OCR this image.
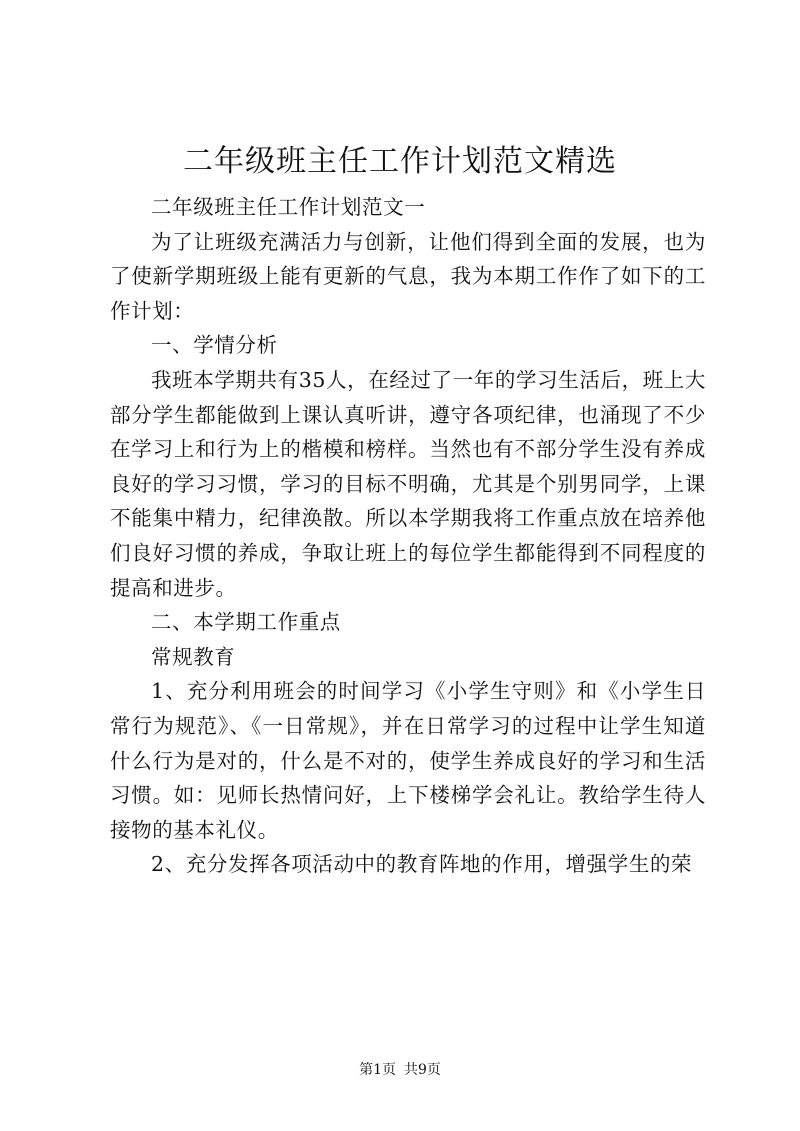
二年级班主任工作计划范文精选

二年级班主任工作计划范文一

为了让班级充满活力与创新，让他们得到全面的发展，也为了使新学期班级上能有更新的气息，我为本期工作作了如下的工作计划：

一、学情分析

我班本学期共有35人，在经过了一年的学习生活后，班上大部分学生都能做到上课认真听讲，遵守各项纪律，也涌现了不少在学习上和行为上的楷模和榜样。当然也有不部分学生没有养成良好的学习习惯，学习的目标不明确，尤其是个别男同学，上课不能集中精力，纪律涣散。所以本学期我将工作重点放在培养他们良好习惯的养成，争取让班上的每位学生都能得到不同程度的提高和进步。

二、本学期工作重点

常规教育

1、充分利用班会的时间学习《小学生守则》和《小学生日常行为规范》、《一日常规》，并在日常学习的过程中让学生知道什么行为是对的，什么是不对的，使学生养成良好的学习和生活习惯。如：见师长热情问好，上下楼梯学会礼让。教给学生待人接物的基本礼仪。

2、充分发挥各项活动中的教育阵地的作用，增强学生的荣

第1页 共9页
